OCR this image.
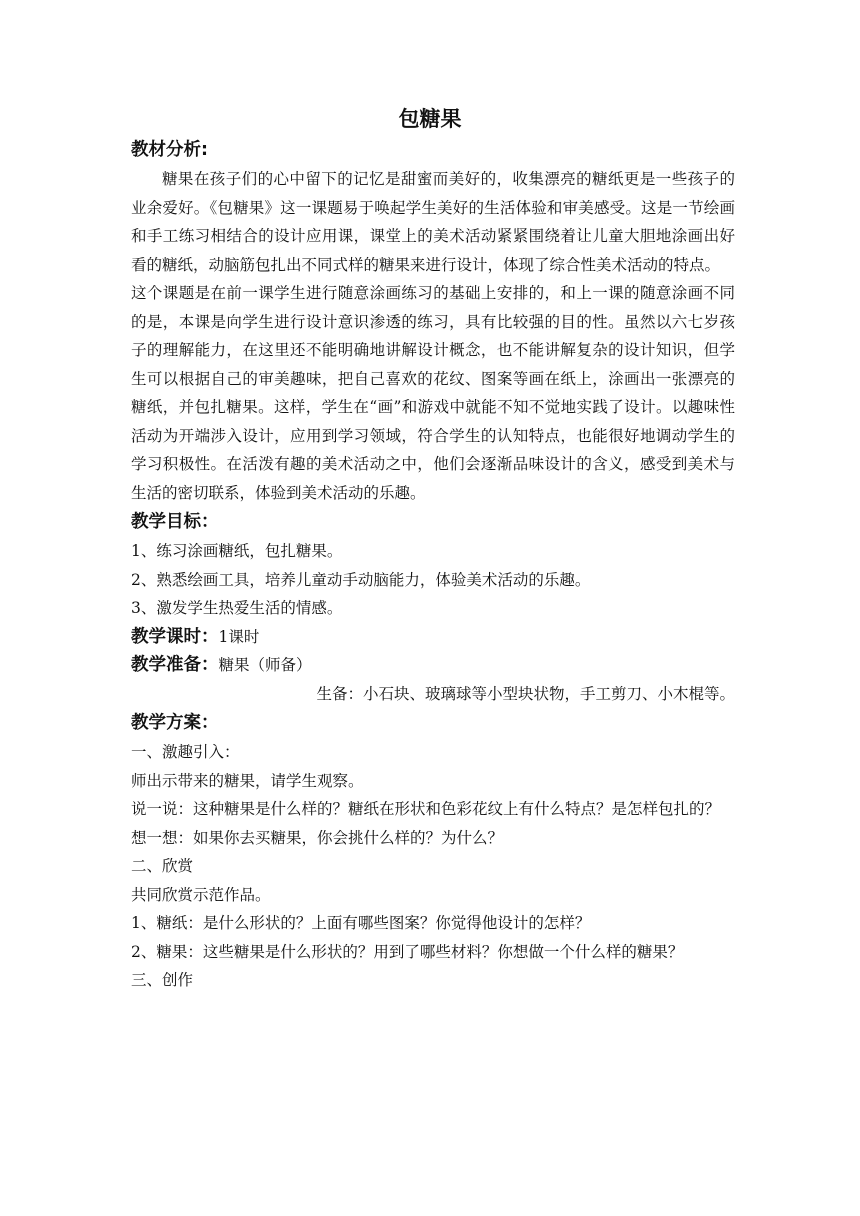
包糖果
教材分析:

糖果在孩子们的心中留下的记忆是甜蜜而美好的，收集漂亮的糖纸更是一些孩子的业余爱好。《包糖果》这一课题易于唤起学生美好的生活体验和审美感受。这是一节绘画和手工练习相结合的设计应用课，课堂上的美术活动紧紧围绕着让儿童大胆地涂画出好看的糖纸，动脑筋包扎出不同式样的糖果来进行设计，体现了综合性美术活动的特点。

这个课题是在前一课学生进行随意涂画练习的基础上安排的，和上一课的随意涂画不同的是，本课是向学生进行设计意识渗透的练习，具有比较强的目的性。虽然以六七岁孩子的理解能力，在这里还不能明确地讲解设计概念，也不能讲解复杂的设计知识，但学生可以根据自己的审美趣味，把自己喜欢的花纹、图案等画在纸上，涂画出一张漂亮的糖纸，并包扎糖果。这样，学生在“画”和游戏中就能不知不觉地实践了设计。以趣味性活动为开端涉入设计，应用到学习领域，符合学生的认知特点，也能很好地调动学生的学习积极性。在活泼有趣的美术活动之中，他们会逐渐品味设计的含义，感受到美术与生活的密切联系，体验到美术活动的乐趣。

教学目标：

1、练习涂画糖纸，包扎糖果。

2、熟悉绘画工具，培养儿童动手动脑能力，体验美术活动的乐趣。

3、激发学生热爱生活的情感。

教学课时：1课时

教学准备：糖果（师备）

生备：小石块、玻璃球等小型块状物，手工剪刀、小木棍等。

教学方案：

一、激趣引入：

师出示带来的糖果，请学生观察。

说一说：这种糖果是什么样的？糖纸在形状和色彩花纹上有什么特点？是怎样包扎的？

想一想：如果你去买糖果，你会挑什么样的？为什么？

二、欣赏

共同欣赏示范作品。

1、糖纸：是什么形状的？上面有哪些图案？你觉得他设计的怎样？

2、糖果：这些糖果是什么形状的？用到了哪些材料？你想做一个什么样的糖果？

三、创作
